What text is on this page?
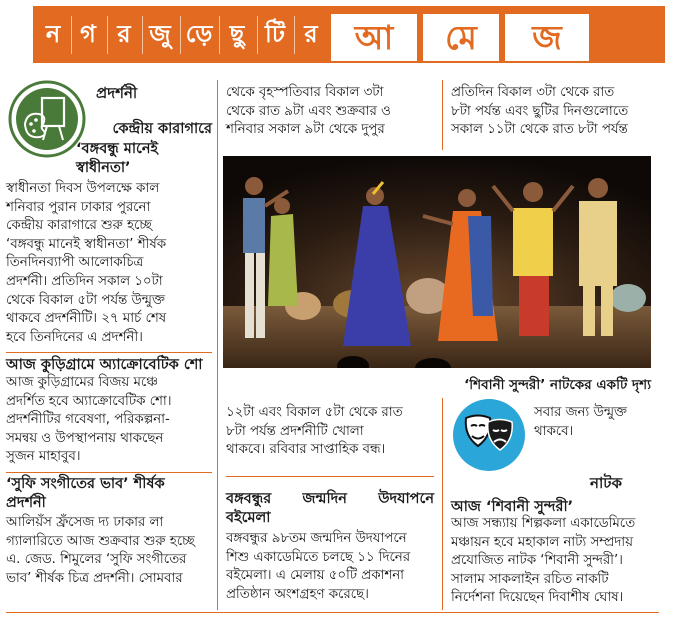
ন গ র জু ড়ে ছু টি র	আ	মে	জ
প্রদর্শনী
কেন্দ্রীয় কারাগারে
‘বঙ্গবন্ধু মানেই
স্বাধীনতা’
স্বাধীনতা দিবস উপলক্ষে কাল
শনিবার পুরান ঢাকার পুরনো
কেন্দ্রীয় কারাগারে শুরু হচ্ছে
‘বঙ্গবন্ধু মানেই স্বাধীনতা’ শীর্ষক
তিনদিনব্যাপী আলোকচিত্র
প্রদর্শনী। প্রতিদিন সকাল ১০টা
থেকে বিকাল ৫টা পর্যন্ত উন্মুক্ত
থাকবে প্রদর্শনীটি। ২৭ মার্চ শেষ
হবে তিনদিনের এ প্রদর্শনী।
আজ কুড়িগ্রামে অ্যাক্রোবেটিক শো
আজ কুড়িগ্রামের বিজয় মঞ্চে
প্রদর্শিত হবে অ্যাক্রোবেটিক শো।
প্রদর্শনীটির গবেষণা, পরিকল্পনা-
সমন্বয় ও উপস্থাপনায় থাকছেন
সুজন মাহাবুব।
‘সুফি সংগীতের ভাব’ শীর্ষক
প্রদর্শনী
আলিয়ঁস ফ্রঁসেজ দ্য ঢাকার লা
গ্যালারিতে আজ শুক্রবার শুরু হচ্ছে
এ. জেড. শিমুলের ‘সুফি সংগীতের
ভাব’ শীর্ষক চিত্র প্রদর্শনী। সোমবার
থেকে বৃহস্পতিবার বিকাল ৩টা
থেকে রাত ৯টা এবং শুক্রবার ও
শনিবার সকাল ৯টা থেকে দুপুর
প্রতিদিন বিকাল ৩টা থেকে রাত
৮টা পর্যন্ত এবং ছুটির দিনগুলোতে
সকাল ১১টা থেকে রাত ৮টা পর্যন্ত
‘শিবানী সুন্দরী’ নাটকের একটি দৃশ্য
১২টা এবং বিকাল ৫টা থেকে রাত
৮টা পর্যন্ত প্রদর্শনীটি খোলা
থাকবে। রবিবার সাপ্তাহিক বন্ধ।
বঙ্গবন্ধুর জন্মদিন উদযাপনে
বইমেলা
বঙ্গবন্ধুর ৯৮তম জন্মদিন উদযাপনে
শিশু একাডেমিতে চলছে ১১ দিনের
বইমেলা। এ মেলায় ৫০টি প্রকাশনা
প্রতিষ্ঠান অংশগ্রহণ করেছে।
সবার জন্য উন্মুক্ত
থাকবে।
নাটক
আজ ‘শিবানী সুন্দরী’
আজ সন্ধ্যায় শিল্পকলা একাডেমিতে
মঞ্চায়ন হবে মহাকাল নাট্য সম্প্রদায়
প্রযোজিত নাটক ‘শিবানী সুন্দরী’।
সালাম সাকলাইন রচিত নাকটি
নির্দেশনা দিয়েছেন দিবাশীষ ঘোষ।
